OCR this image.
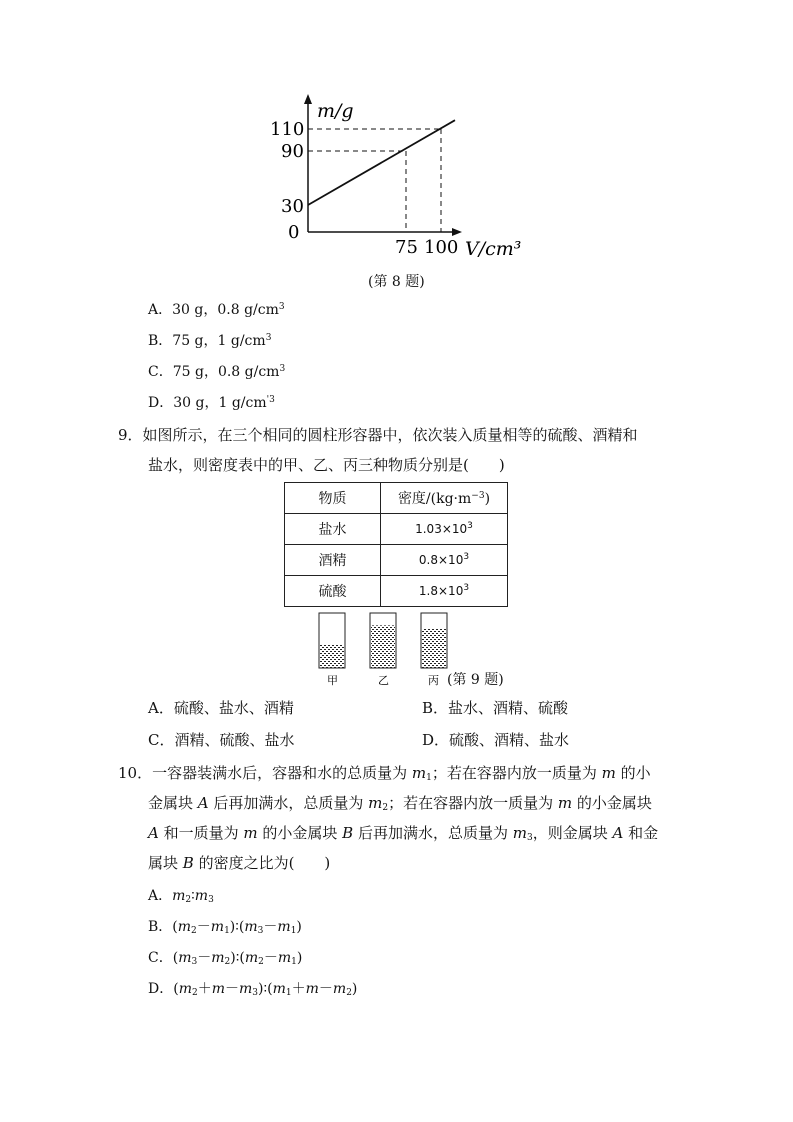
m/g
110
90
30
0
75 100 V/cm³
(第 8 题)
A．30 g，0.8 $g/cm^3$
B．75 g，1 $g/cm^3$
C．75 g，0.8 $g/cm^3$
D．30 g，1 $g/cm^{'3}$
9．如图所示，在三个相同的圆柱形容器中，依次装入质量相等的硫酸、酒精和
盐水，则密度表中的甲、乙、丙三种物质分别是(　　)
物质	密度$/(kg\cdot m^{-3})$
盐水	$1.03\times 10^3$
酒精	$0.8\times 10^3$
硫酸	$1.8\times 10^3$
甲	乙	丙 (第 9 题)
A．硫酸、盐水、酒精	B．盐水、酒精、硫酸
C．酒精、硫酸、盐水	D．硫酸、酒精、盐水
10．一容器装满水后，容器和水的总质量为 $m_1$；若在容器内放一质量为 m 的小
金属块 A 后再加满水，总质量为 $m_2$；若在容器内放一质量为 m 的小金属块
A 和一质量为 m 的小金属块 B 后再加满水，总质量为 $m_3$，则金属块 A 和金
属块 B 的密度之比为(　　)
A．$m_2∶m_3$
B．$(m_2-m_1)∶(m_3-m_1)$
C．$(m_3-m_2)∶(m_2-m_1)$
D．$(m_2+m-m_3)∶(m_1+m-m_2)$
